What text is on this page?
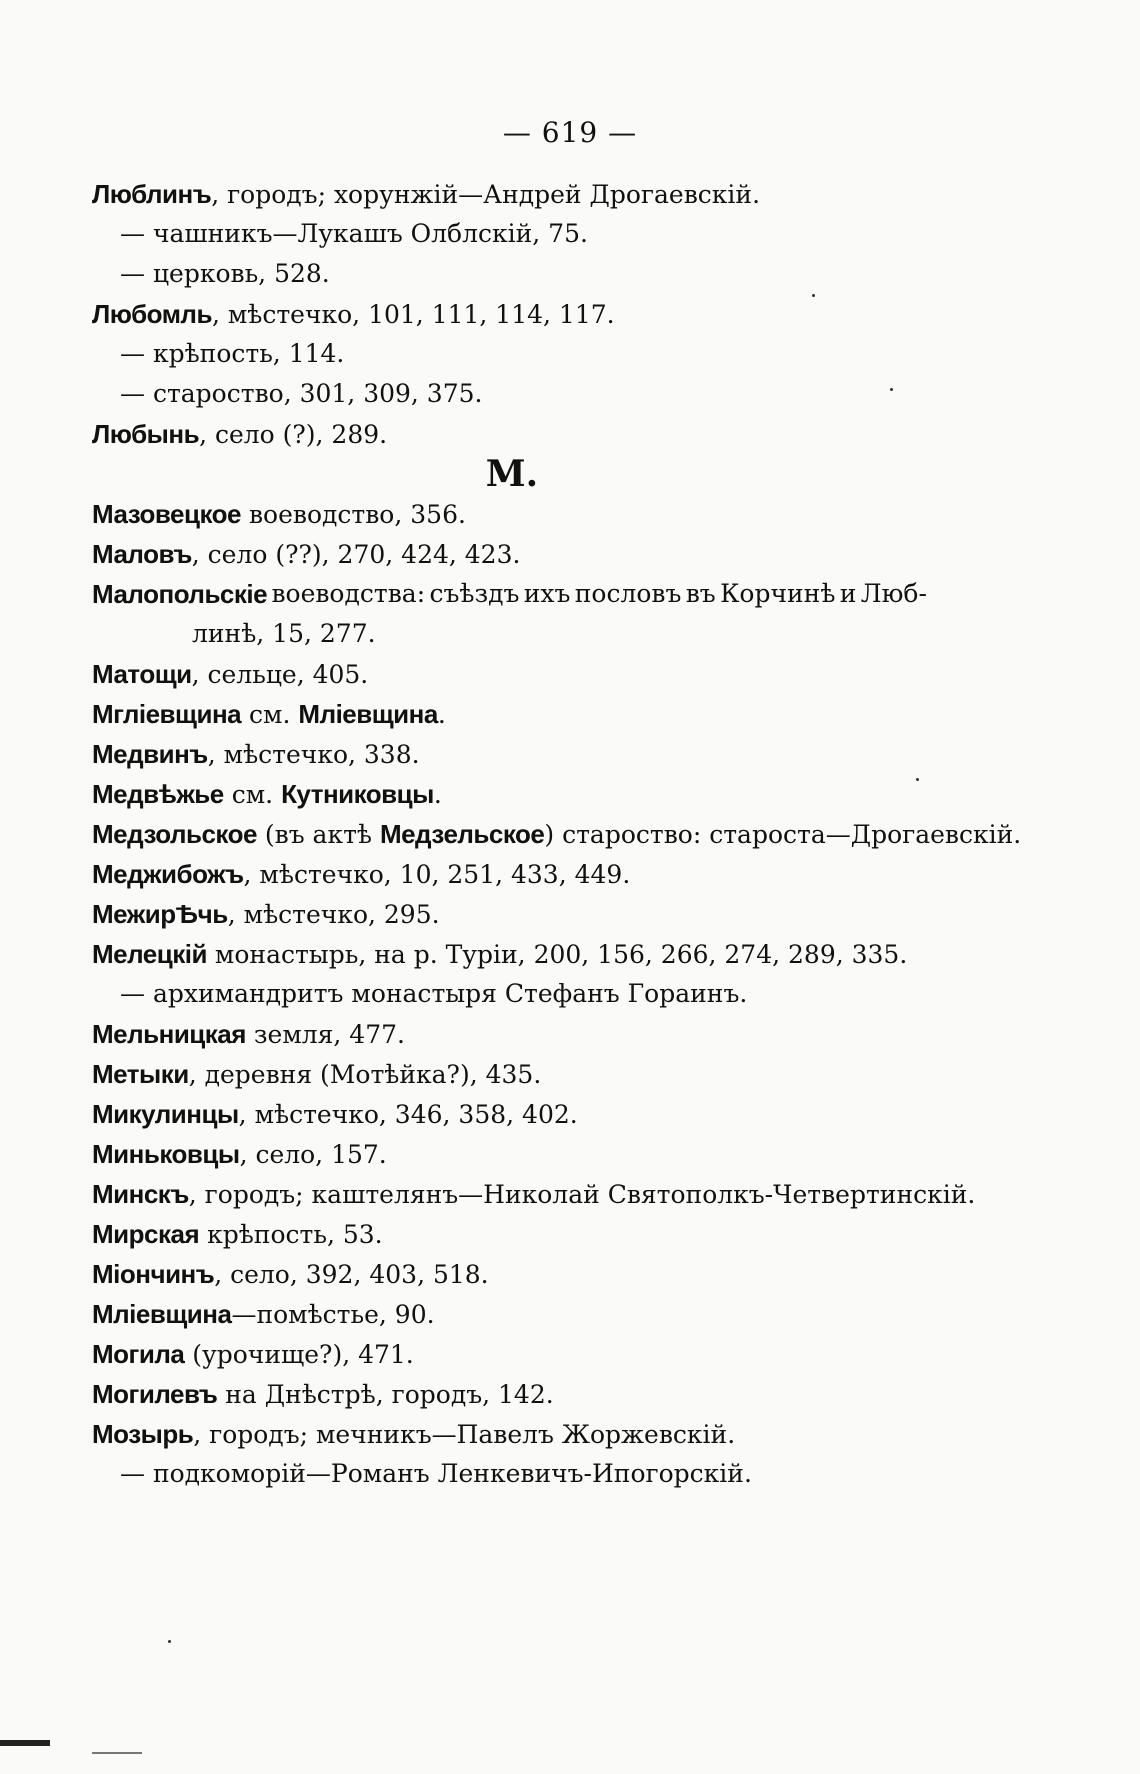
— 619 —
Люблинъ, городъ; хорунжій—Андрей Дрогаевскій.
— чашникъ—Лукашъ Олблскій, 75.
— церковь, 528.
Любомль, мѣстечко, 101, 111, 114, 117.
— крѣпость, 114.
— староство, 301, 309, 375.
Любынь, село (?), 289.
М.
Мазовецкое воеводство, 356.
Маловъ, село (??), 270, 424, 423.
Малопольскіе воеводства: съѣздъ ихъ пословъ въ Корчинѣ и Люб-
линѣ, 15, 277.
Матощи, сельце, 405.
Мгліевщина см. Мліевщина.
Медвинъ, мѣстечко, 338.
Медвѣжье см. Кутниковцы.
Медзольское (въ актѣ Медзельское) староство: староста—Дрогаевскій.
Меджибожъ, мѣстечко, 10, 251, 433, 449.
МежирѢчь, мѣстечко, 295.
Мелецкій монастырь, на р. Туріи, 200, 156, 266, 274, 289, 335.
— архимандритъ монастыря Стефанъ Гораинъ.
Мельницкая земля, 477.
Метыки, деревня (Мотѣйка?), 435.
Микулинцы, мѣстечко, 346, 358, 402.
Миньковцы, село, 157.
Минскъ, городъ; каштелянъ—Николай Святополкъ-Четвертинскій.
Мирская крѣпость, 53.
Міончинъ, село, 392, 403, 518.
Мліевщина—помѣстье, 90.
Могила (урочище?), 471.
Могилевъ на Днѣстрѣ, городъ, 142.
Мозырь, городъ; мечникъ—Павелъ Жоржевскій.
— подкоморій—Романъ Ленкевичъ-Ипогорскій.
